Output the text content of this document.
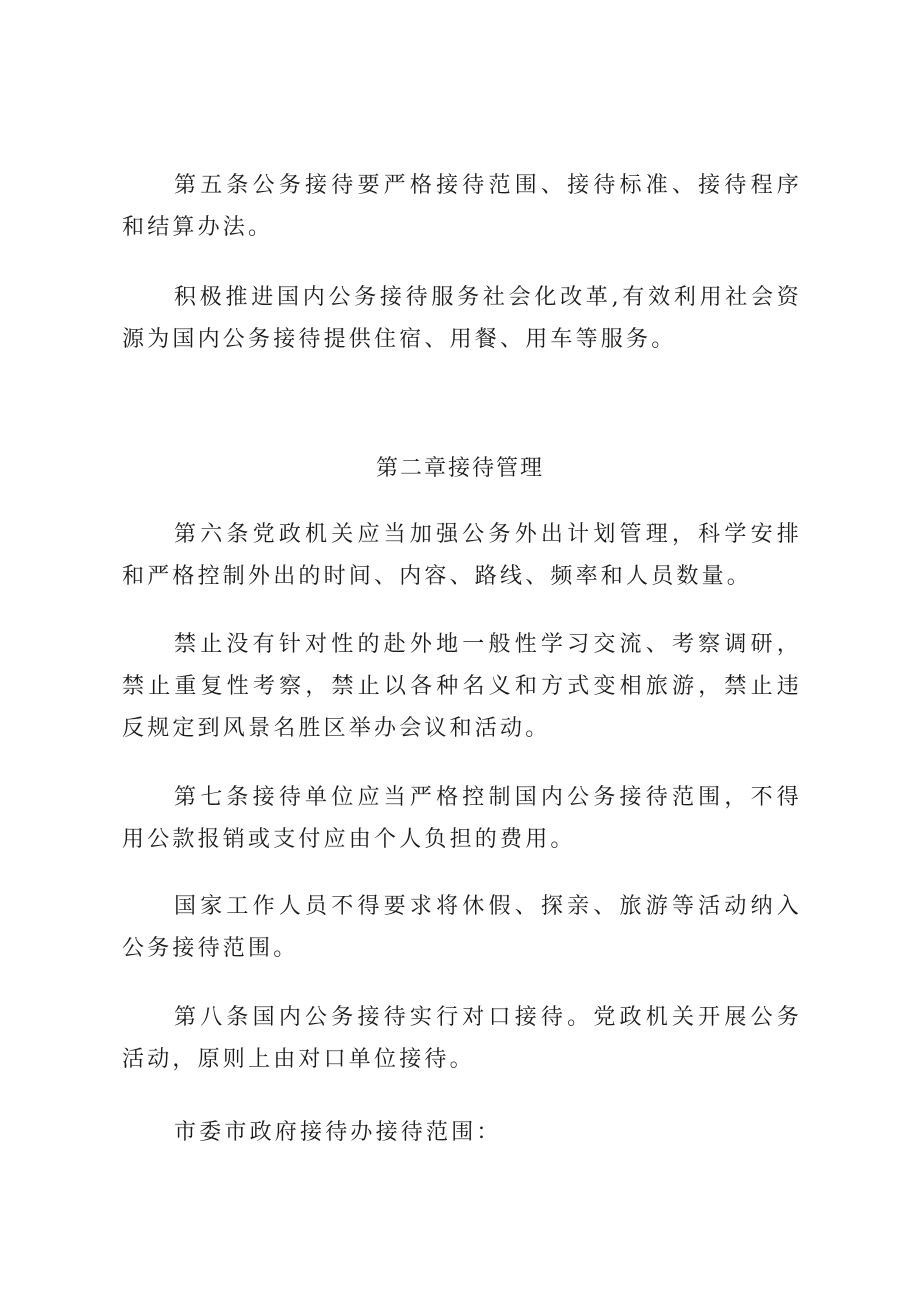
第五条公务接待要严格接待范围、接待标准、接待程序和结算办法。

积极推进国内公务接待服务社会化改革,有效利用社会资源为国内公务接待提供住宿、用餐、用车等服务。

第二章接待管理

第六条党政机关应当加强公务外出计划管理，科学安排和严格控制外出的时间、内容、路线、频率和人员数量。

禁止没有针对性的赴外地一般性学习交流、考察调研，禁止重复性考察，禁止以各种名义和方式变相旅游，禁止违反规定到风景名胜区举办会议和活动。

第七条接待单位应当严格控制国内公务接待范围，不得用公款报销或支付应由个人负担的费用。

国家工作人员不得要求将休假、探亲、旅游等活动纳入公务接待范围。

第八条国内公务接待实行对口接待。党政机关开展公务活动，原则上由对口单位接待。

市委市政府接待办接待范围：
